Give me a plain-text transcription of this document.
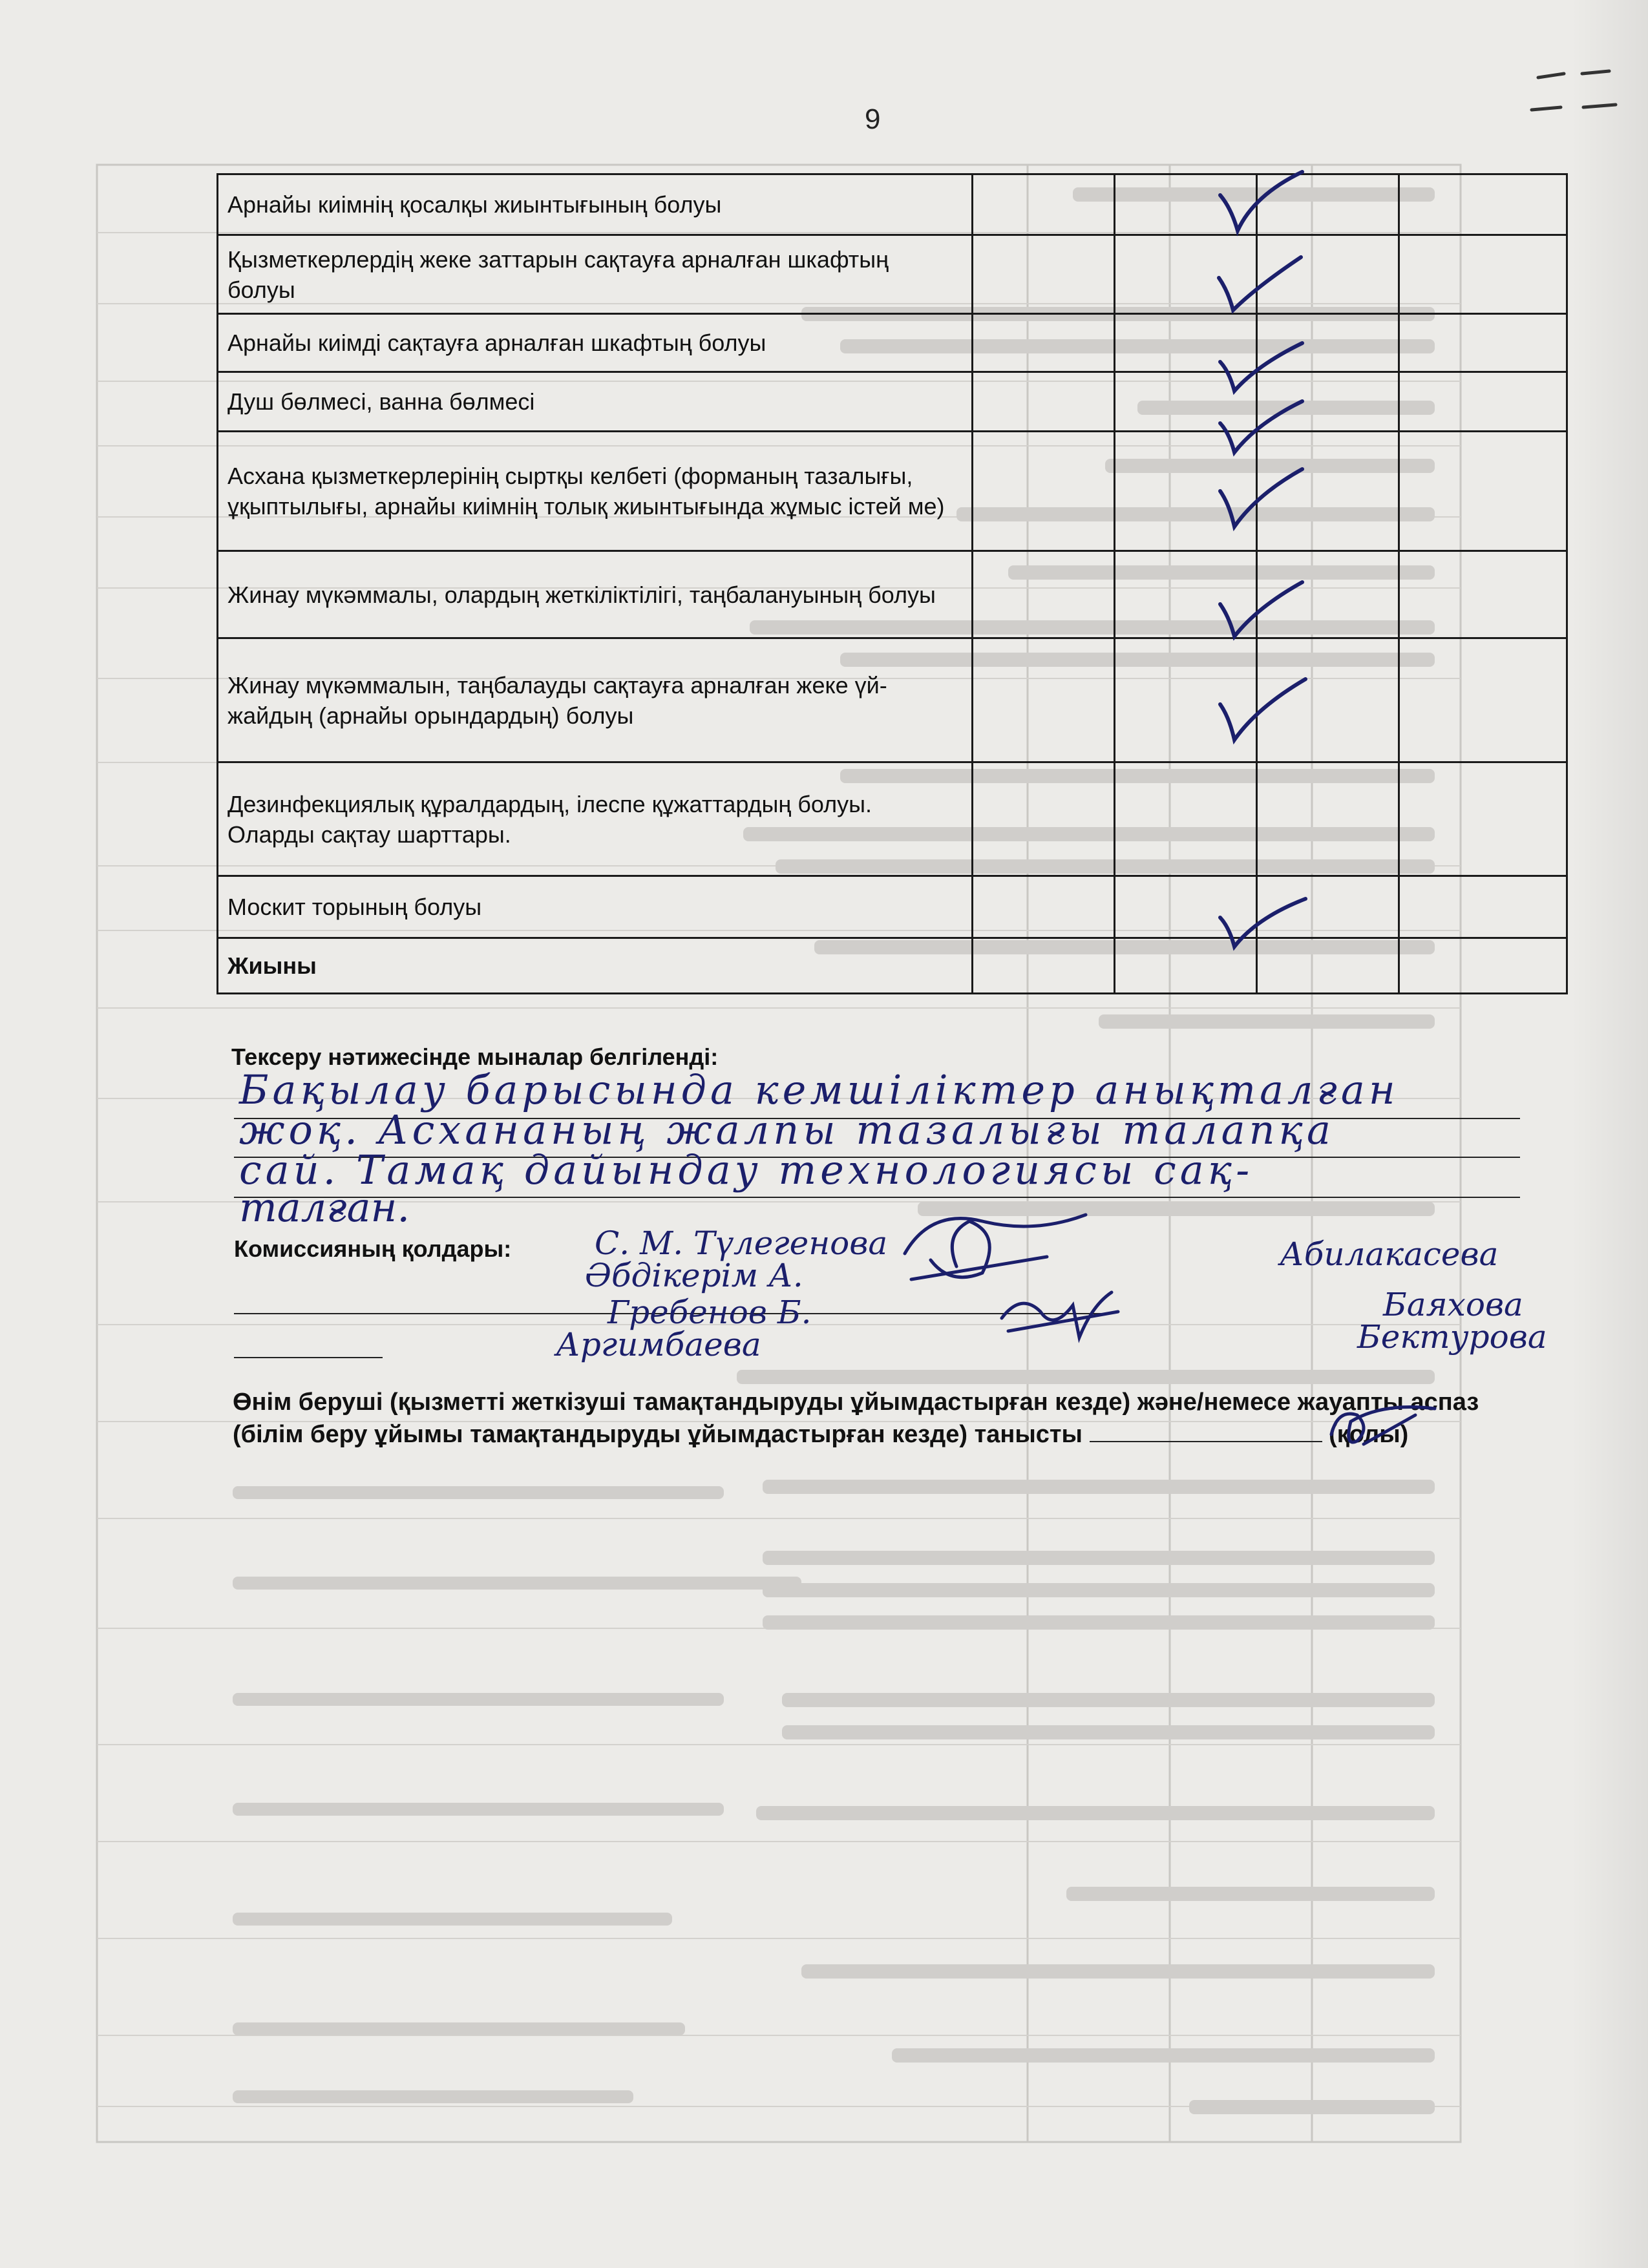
9
Арнайы киімнің қосалқы жиынтығының болуы				
Қызметкерлердің жеке заттарын сақтауға арналған шкафтың болуы				
Арнайы киімді сақтауға арналған шкафтың болуы				
Душ бөлмесі, ванна бөлмесі				
Асхана қызметкерлерінің сыртқы келбеті (форманың тазалығы, ұқыптылығы, арнайы киімнің толық жиынтығында жұмыс істей ме)				
Жинау мүкәммалы, олардың жеткіліктілігі, таңбалануының болуы				
Жинау мүкәммалын, таңбалауды сақтауға арналған жеке үй-жайдың (арнайы орындардың) болуы				
Дезинфекциялық құралдардың, ілеспе құжаттардың болуы. Оларды сақтау шарттары.				
Москит торының болуы				
Жиыны				
Тексеру нәтижесінде мыналар белгіленді:
Бақылау барысында кемшіліктер анықталған
жоқ. Асхананың жалпы тазалығы талапқа
сай. Тамақ дайындау технологиясы сақ-
талған.
Комиссияның қолдары:	С. М. Түлегенова
Әбдікерім А.
Гребенов Б.
Аргимбаева
Абилакасева
Баяхова
Бектурова
Өнім беруші (қызметті жеткізуші тамақтандыруды ұйымдастырған кезде) және/немесе жауапты аспаз (білім беру ұйымы тамақтандыруды ұйымдастырған кезде) танысты	(қолы)
